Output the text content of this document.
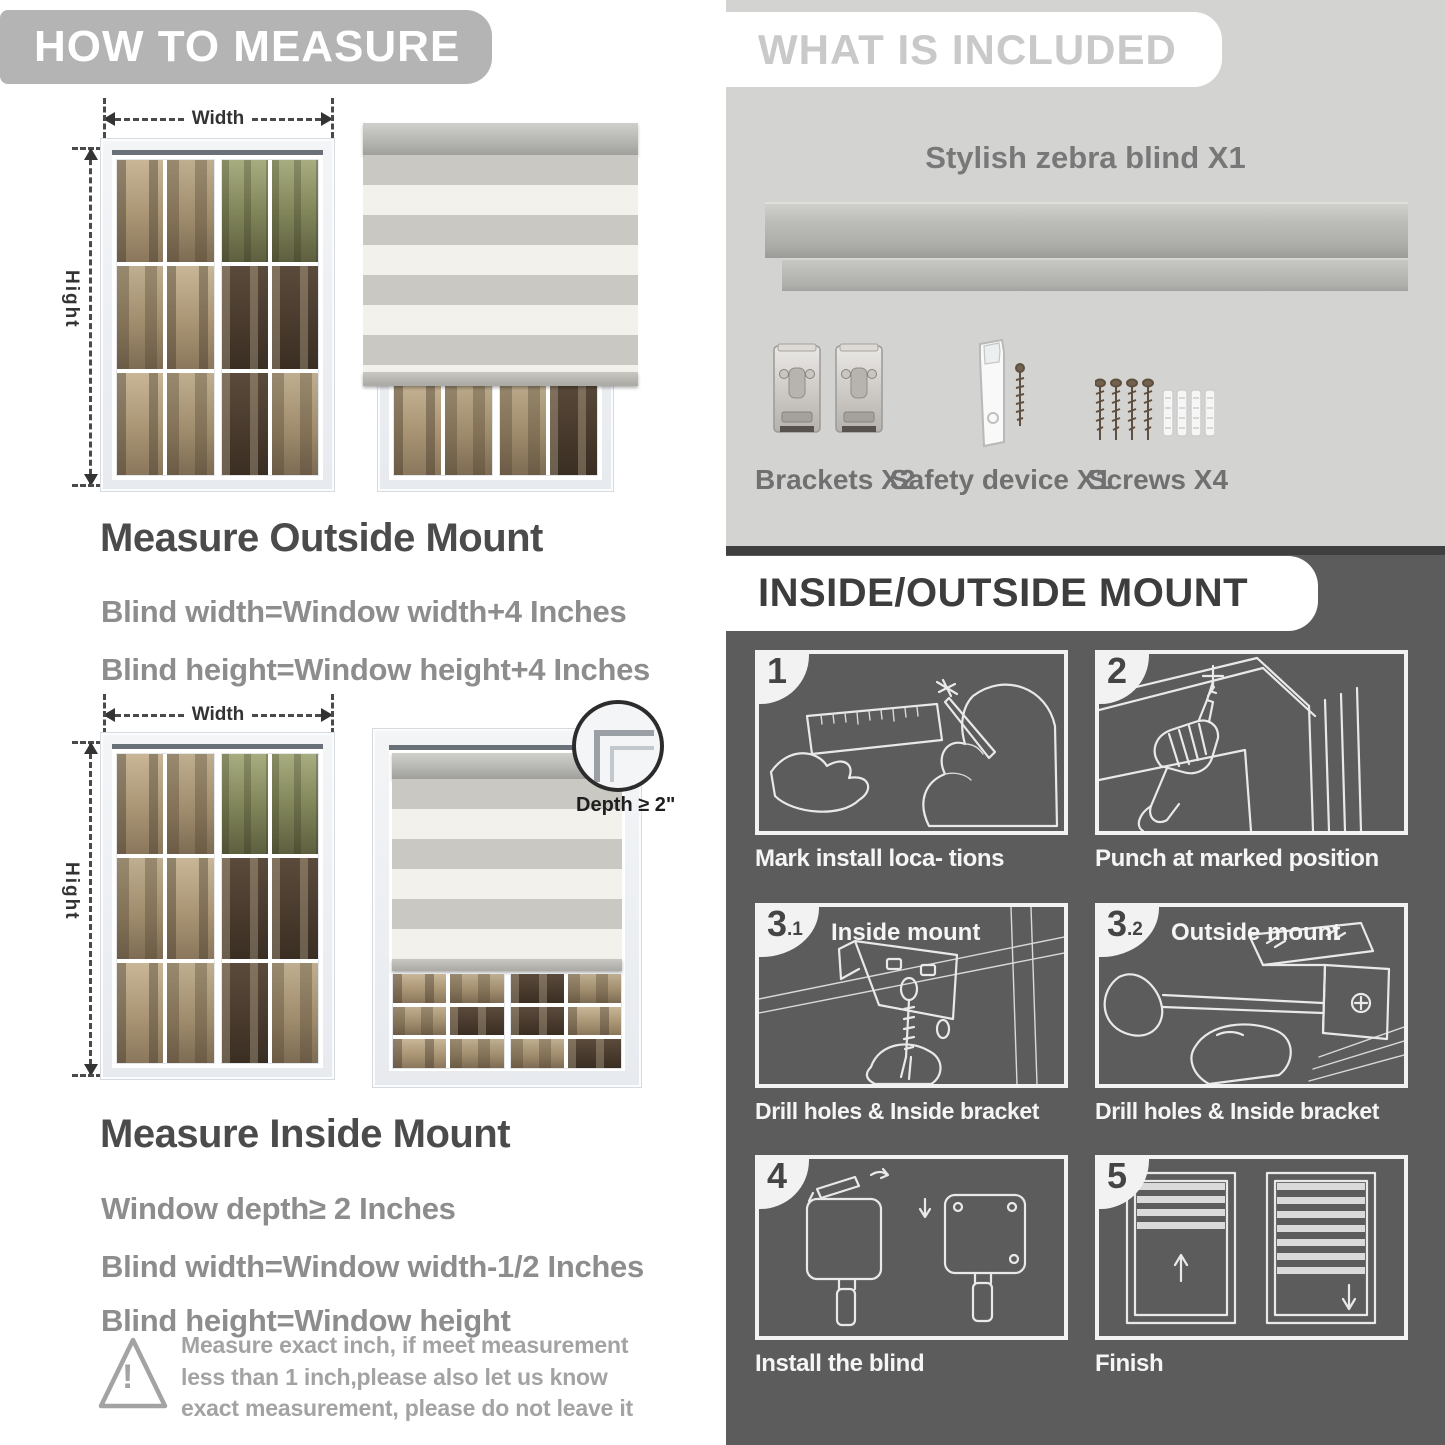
HOW TO MEASURE
Width
Hight
Measure Outside Mount
Blind width=Window width+4 Inches
Blind height=Window height+4 Inches
Width
Hight
Depth ≥ 2"
Measure Inside Mount
Window depth≥ 2 Inches
Blind width=Window width-1/2 Inches
Blind height=Window height
!
Measure exact inch, if meet measurement less than 1 inch,please also let us know exact measurement, please do not leave it
WHAT IS INCLUDED
Stylish zebra blind X1
Brackets X2
Safety device X1
Screws X4
INSIDE/OUTSIDE MOUNT
1
Mark install loca- tions
2
Punch at marked position
3 .1 Inside mount
Drill holes & Inside bracket
3 .2 Outside mount
Drill holes & Inside bracket
4
Install the blind
5
Finish
